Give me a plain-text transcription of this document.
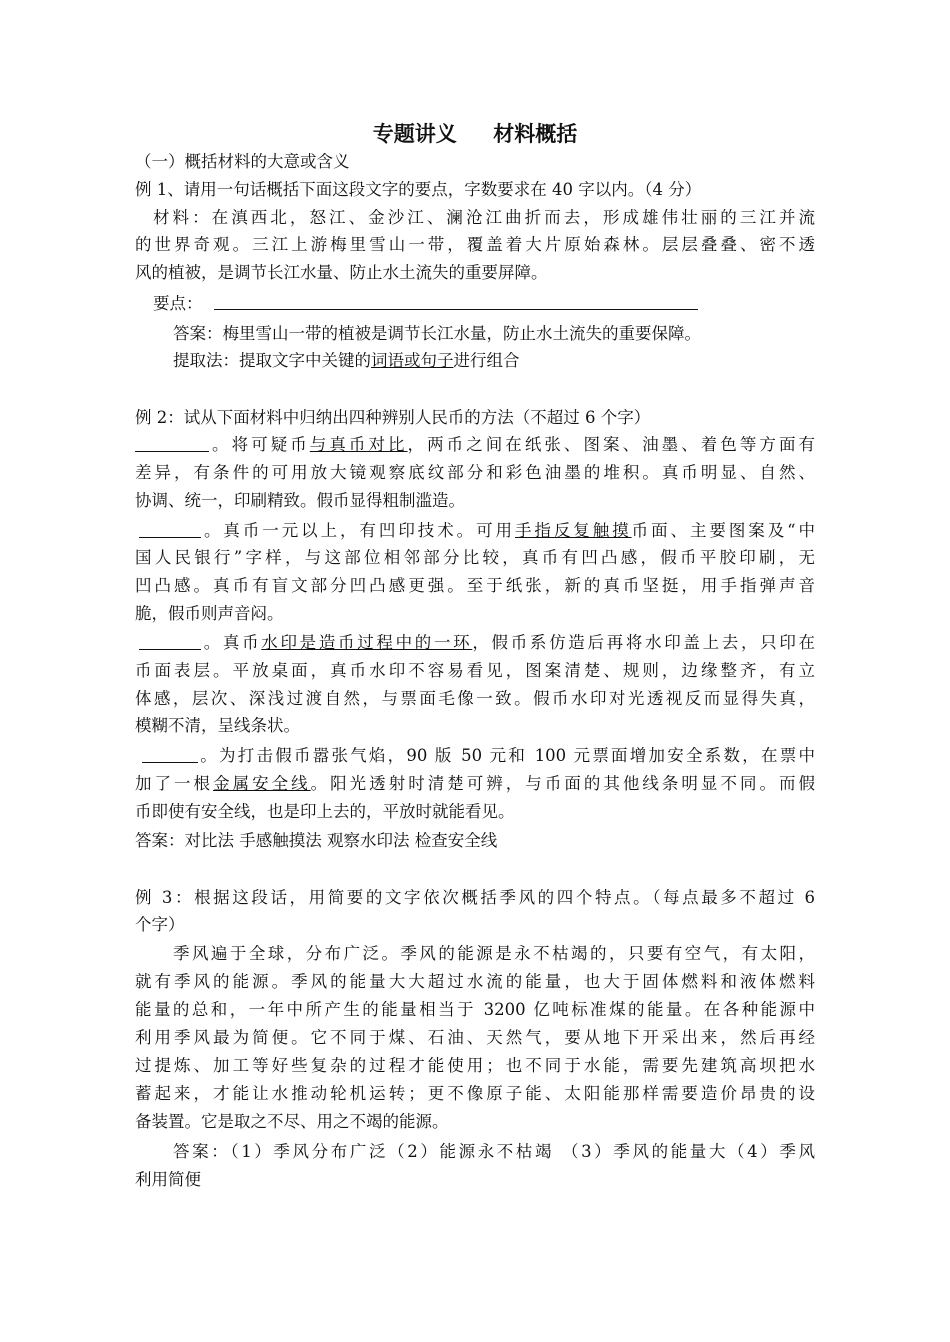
专题讲义     材料概括
（一）概括材料的大意或含义
例 1、请用一句话概括下面这段文字的要点，字数要求在 40 字以内。（4 分）
材料：在滇西北，怒江、金沙江、澜沧江曲折而去，形成雄伟壮丽的三江并流
的世界奇观。三江上游梅里雪山一带，覆盖着大片原始森林。层层叠叠、密不透
风的植被，是调节长江水量、防止水土流失的重要屏障。
要点：
答案：梅里雪山一带的植被是调节长江水量，防止水土流失的重要保障。
提取法：提取文字中关键的词语或句子进行组合
例 2：试从下面材料中归纳出四种辨别人民币的方法（不超过 6 个字）
。将可疑币与真币对比，两币之间在纸张、图案、油墨、着色等方面有
差异，有条件的可用放大镜观察底纹部分和彩色油墨的堆积。真币明显、自然、
协调、统一，印刷精致。假币显得粗制滥造。
。真币一元以上，有凹印技术。可用手指反复触摸币面、主要图案及“中
国人民银行”字样，与这部位相邻部分比较，真币有凹凸感，假币平胶印刷，无
凹凸感。真币有盲文部分凹凸感更强。至于纸张，新的真币坚挺，用手指弹声音
脆，假币则声音闷。
。真币水印是造币过程中的一环，假币系仿造后再将水印盖上去，只印在
币面表层。平放桌面，真币水印不容易看见，图案清楚、规则，边缘整齐，有立
体感，层次、深浅过渡自然，与票面毛像一致。假币水印对光透视反而显得失真，
模糊不清，呈线条状。
。为打击假币嚣张气焰，90 版 50 元和 100 元票面增加安全系数，在票中
加了一根金属安全线。阳光透射时清楚可辨，与币面的其他线条明显不同。而假
币即使有安全线，也是印上去的，平放时就能看见。
答案：对比法 手感触摸法 观察水印法 检查安全线
例 3：根据这段话，用简要的文字依次概括季风的四个特点。（每点最多不超过 6
个字）
季风遍于全球，分布广泛。季风的能源是永不枯竭的，只要有空气，有太阳，
就有季风的能源。季风的能量大大超过水流的能量，也大于固体燃料和液体燃料
能量的总和，一年中所产生的能量相当于 3200 亿吨标准煤的能量。在各种能源中
利用季风最为简便。它不同于煤、石油、天然气，要从地下开采出来，然后再经
过提炼、加工等好些复杂的过程才能使用；也不同于水能，需要先建筑高坝把水
蓄起来，才能让水推动轮机运转；更不像原子能、太阳能那样需要造价昂贵的设
备装置。它是取之不尽、用之不竭的能源。
答案：（1）季风分布广泛（2）能源永不枯竭 （3）季风的能量大（4）季风
利用简便
